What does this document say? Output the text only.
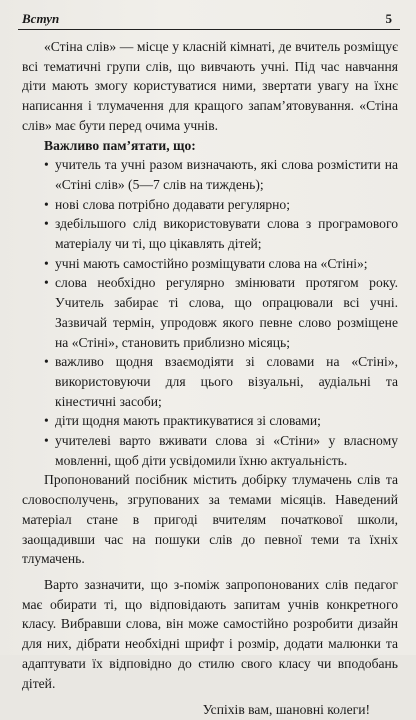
Вступ	5

«Стіна слів» — місце у класній кімнаті, де вчитель розміщує всі тематичні групи слів, що вивчають учні. Під час навчання діти мають змогу користуватися ними, звертати увагу на їхнє написання і тлумачення для кращого запам’ятовування. «Стіна слів» має бути перед очима учнів.

Важливо пам’ятати, що:

• учитель та учні разом визначають, які слова розмістити на «Стіні слів» (5—7 слів на тиждень);
• нові слова потрібно додавати регулярно;
• здебільшого слід використовувати слова з програмового матеріалу чи ті, що цікавлять дітей;
• учні мають самостійно розміщувати слова на «Стіні»;
• слова необхідно регулярно змінювати протягом року. Учитель забирає ті слова, що опрацювали всі учні. Зазвичай термін, упродовж якого певне слово розміщене на «Стіні», становить приблизно місяць;
• важливо щодня взаємодіяти зі словами на «Стіні», використовуючи для цього візуальні, аудіальні та кінестичні засоби;
• діти щодня мають практикуватися зі словами;
• учителеві варто вживати слова зі «Стіни» у власному мовленні, щоб діти усвідомили їхню актуальність.

Пропонований посібник містить добірку тлумачень слів та словосполучень, згрупованих за темами місяців. Наведений матеріал стане в пригоді вчителям початкової школи, заощадивши час на пошуки слів до певної теми та їхніх тлумачень.

Варто зазначити, що з-поміж запропонованих слів педагог має обирати ті, що відповідають запитам учнів конкретного класу. Вибравши слова, він може самостійно розробити дизайн для них, дібрати необхідні шрифт і розмір, додати малюнки та адаптувати їх відповідно до стилю свого класу чи вподобань дітей.

Успіхів вам, шановні колеги!
